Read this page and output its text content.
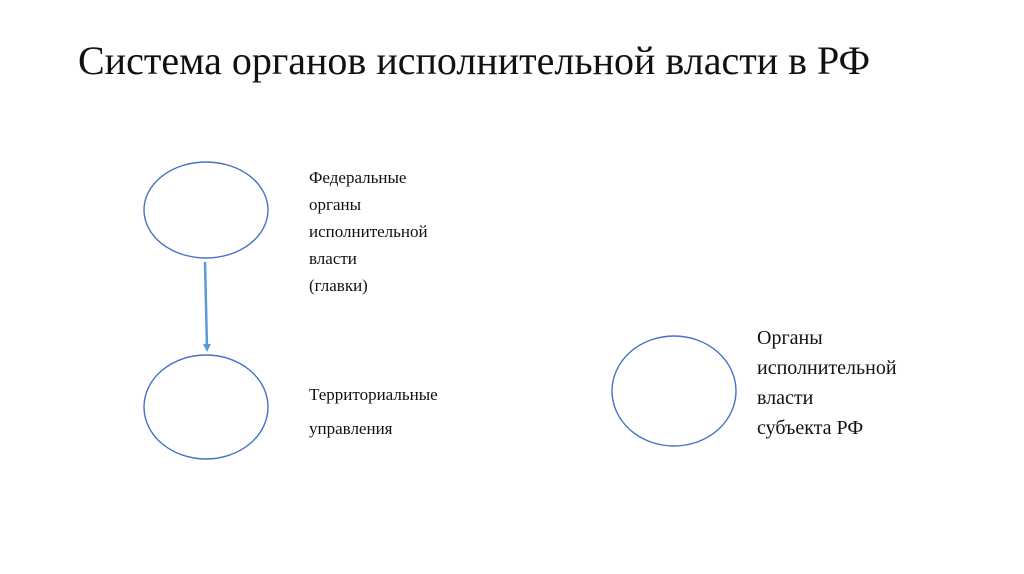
Система органов исполнительной власти в РФ
Федеральные
органы
исполнительной
власти
(главки)
Территориальные
управления
Органы
исполнительной
власти
субъекта РФ
